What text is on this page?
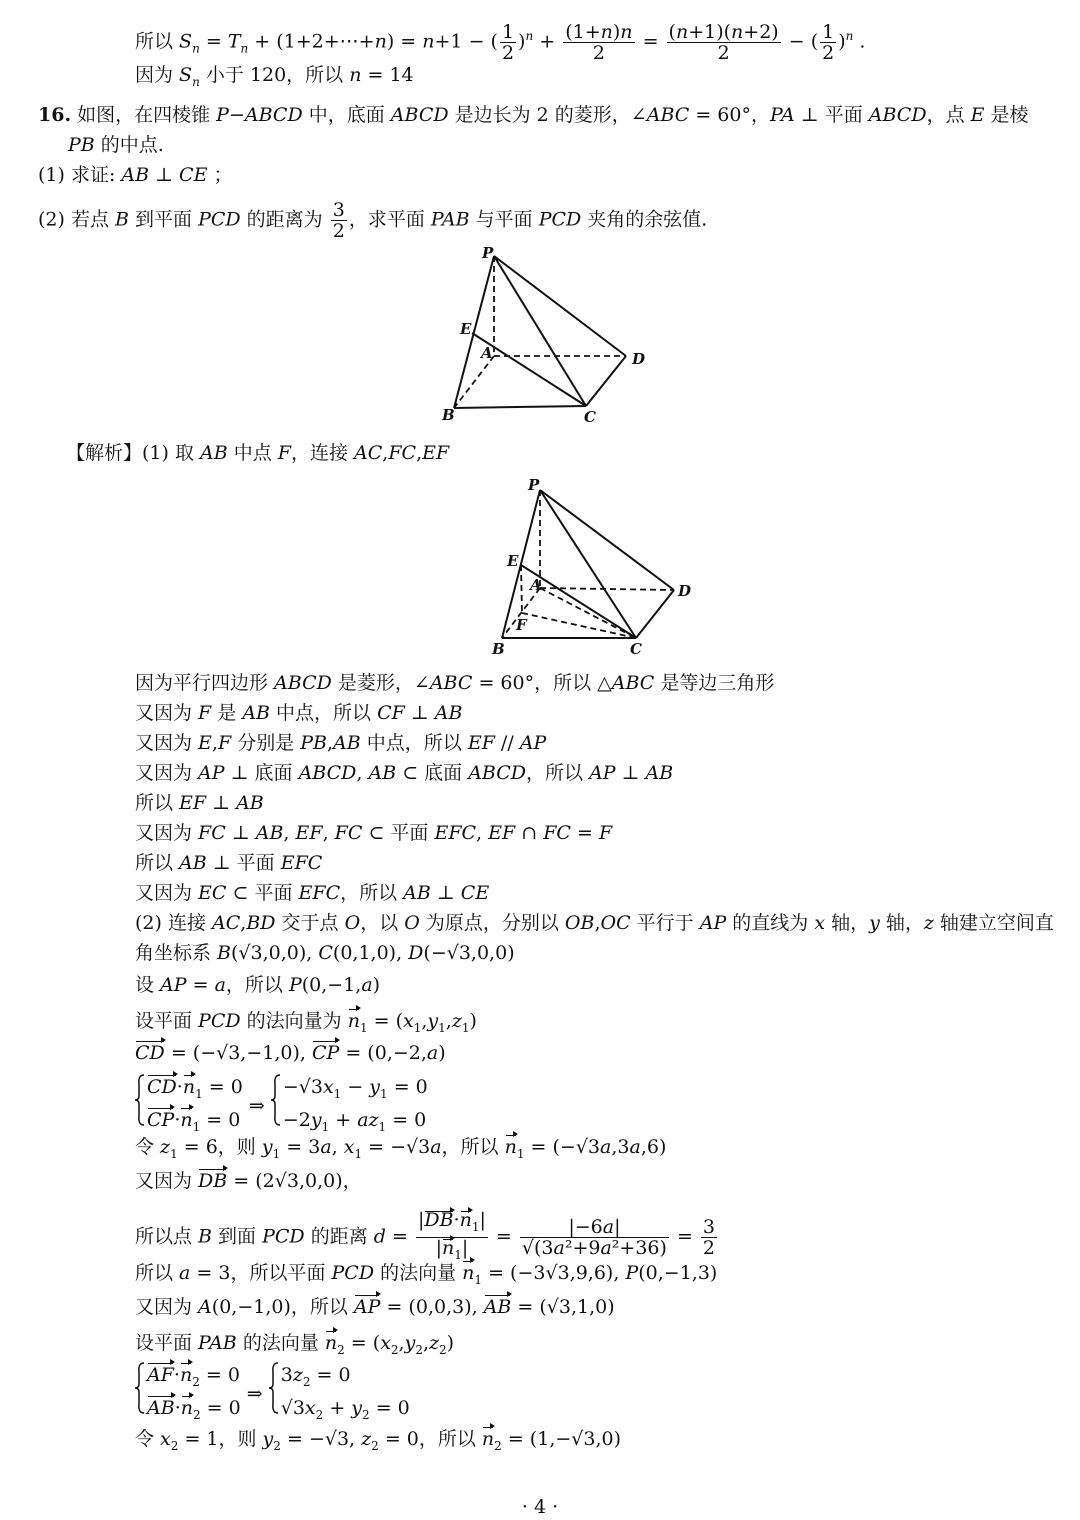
所以 $S_n = T_n$ + (1+2+⋯+n) = n+1 − ( $\frac{1}{2} )^n + \frac{(1+n)n}{2} = \frac{(n+1)(n+2)}{2}$ − ( $\frac{1}{2} )^n$ .
因为 $S_n$ 小于 120，所以 n = 14
16. 如图，在四棱锥 P−ABCD 中，底面 ABCD 是边长为 2 的菱形，∠ABC = 60°，PA ⊥ 平面 ABCD，点 E 是棱
PB 的中点.
(1) 求证: AB ⊥ CE ；
(2) 若点 B 到平面 PCD 的距离为 $\frac{3}{2}$ ，求平面 PAB 与平面 PCD 夹角的余弦值.
P
E
A	D
B	C
【解析】(1) 取 AB 中点 F，连接 AC,FC,EF
P
E
A
F
D
B	C
因为平行四边形 ABCD 是菱形，∠ABC = 60°，所以 △ABC 是等边三角形
又因为 F 是 AB 中点，所以 CF ⊥ AB
又因为 E,F 分别是 PB,AB 中点，所以 EF // AP
又因为 AP ⊥ 底面 ABCD, AB ⊂ 底面 ABCD，所以 AP ⊥ AB
所以 EF ⊥ AB
又因为 FC ⊥ AB, EF, FC ⊂ 平面 EFC, EF ∩ FC = F
所以 AB ⊥ 平面 EFC
又因为 EC ⊂ 平面 EFC，所以 AB ⊥ CE
(2) 连接 AC,BD 交于点 O，以 O 为原点，分别以 OB,OC 平行于 AP 的直线为 x 轴，y 轴，z 轴建立空间直
角坐标系 B(√3,0,0), C(0,1,0), D(−√3,0,0)
设 AP = a，所以 P(0,−1,a)
设平面 PCD 的法向量为 $n_1 = (x_1,y_1,z_1)$
CD = (−√3,−1,0), CP = (0,−2,a)
$CD\cdot n_1 = 0$
$CP\cdot n_1 = 0$
⇒
$-√3x_1 - y_1 = 0$
$-2y_1 + az_1 = 0$
令 $z_1 = 6$，则 $y_1 = 3a$, $x_1 = -√3a$，所以 $n_1 = (-√3a,3a,6)$
又因为 DB = (2√3,0,0)，
所以点 B 到面 PCD 的距离 $d = \frac{|DB\cdot n_1|}{|n_1|} = \frac{|-6a|}{\text{√(3a²+9a²+36)}} = \frac{3}{2}$
所以 a = 3，所以平面 PCD 的法向量 $n_1 = (-3√3,9,6)$, P(0,−1,3)
又因为 A(0,−1,0)，所以 AP = (0,0,3), AB = (√3,1,0)
设平面 PAB 的法向量 $n_2 = (x_2,y_2,z_2)$
$AF\cdot n_2 = 0$
$AB\cdot n_2 = 0$
⇒
$3z_2 = 0$
$√3x_2 + y_2 = 0$
令 $x_2 = 1$，则 $y_2 = -√3$, $z_2 = 0$，所以 $n_2 = (1,-√3,0)$
· 4 ·
